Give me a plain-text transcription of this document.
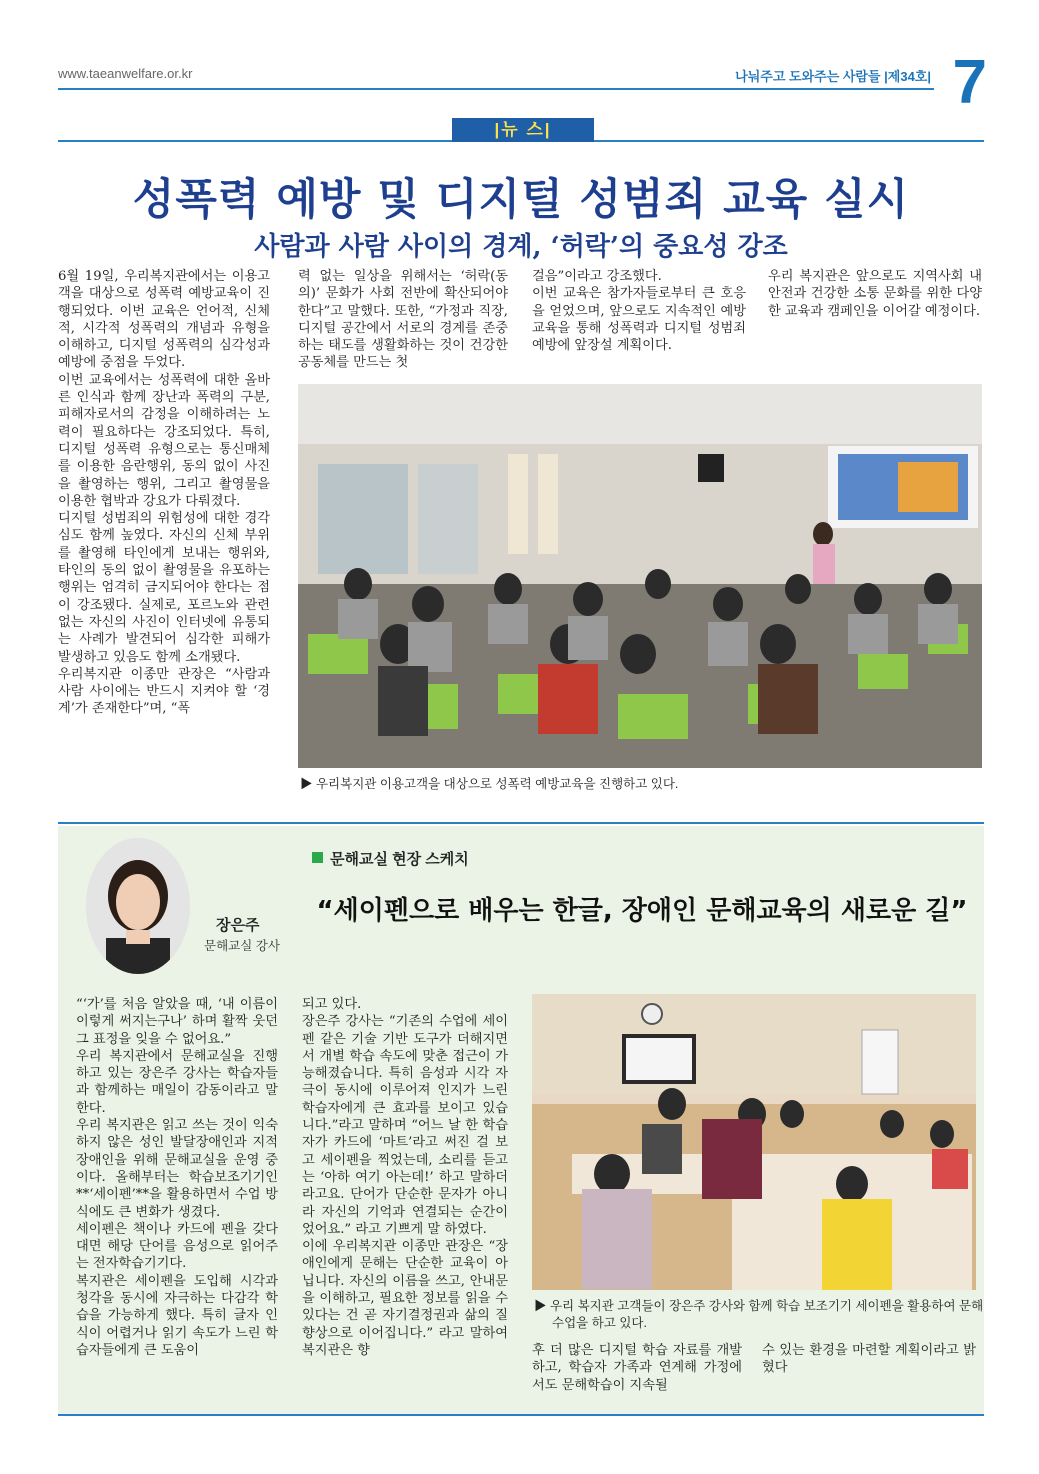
www.taeanwelfare.or.kr	나눠주고 도와주는 사람들 |제34호| 7
|뉴 스|
성폭력 예방 및 디지털 성범죄 교육 실시
사람과 사람 사이의 경계, ‘허락’의 중요성 강조
6월 19일, 우리복지관에서는 이용고객을 대상으로 성폭력 예방교육이 진행되었다. 이번 교육은 언어적, 신체적, 시각적 성폭력의 개념과 유형을 이해하고, 디지털 성폭력의 심각성과 예방에 중점을 두었다.
이번 교육에서는 성폭력에 대한 올바른 인식과 함께 장난과 폭력의 구분, 피해자로서의 감정을 이해하려는 노력이 필요하다는 강조되었다. 특히, 디지털 성폭력 유형으로는 통신매체를 이용한 음란행위, 동의 없이 사진을 촬영하는 행위, 그리고 촬영물을 이용한 협박과 강요가 다뤄졌다.
디지털 성범죄의 위험성에 대한 경각심도 함께 높였다. 자신의 신체 부위를 촬영해 타인에게 보내는 행위와, 타인의 동의 없이 촬영물을 유포하는 행위는 엄격히 금지되어야 한다는 점이 강조됐다. 실제로, 포르노와 관련 없는 자신의 사진이 인터넷에 유통되는 사례가 발견되어 심각한 피해가 발생하고 있음도 함께 소개됐다.
우리복지관 이종만 관장은 “사람과 사람 사이에는 반드시 지켜야 할 ‘경계’가 존재한다”며, “폭
력 없는 일상을 위해서는 ‘허락(동의)’ 문화가 사회 전반에 확산되어야 한다”고 말했다. 또한, “가정과 직장, 디지털 공간에서 서로의 경계를 존중하는 태도를 생활화하는 것이 건강한 공동체를 만드는 첫
걸음”이라고 강조했다.
이번 교육은 참가자들로부터 큰 호응을 얻었으며, 앞으로도 지속적인 예방교육을 통해 성폭력과 디지털 성범죄 예방에 앞장설 계획이다.
우리 복지관은 앞으로도 지역사회 내 안전과 건강한 소통 문화를 위한 다양한 교육과 캠페인을 이어갈 예정이다.
▶ 우리복지관 이용고객을 대상으로 성폭력 예방교육을 진행하고 있다.
장은주
문해교실 강사
문해교실 현장 스케치
“세이펜으로 배우는 한글, 장애인 문해교육의 새로운 길”
“‘가’를 처음 알았을 때, ‘내 이름이 이렇게 써지는구나’ 하며 활짝 웃던 그 표정을 잊을 수 없어요.”
우리 복지관에서 문해교실을 진행하고 있는 장은주 강사는 학습자들과 함께하는 매일이 감동이라고 말한다.
우리 복지관은 읽고 쓰는 것이 익숙하지 않은 성인 발달장애인과 지적장애인을 위해 문해교실을 운영 중이다. 올해부터는 학습보조기기인 **‘세이펜’**을 활용하면서 수업 방식에도 큰 변화가 생겼다.
세이펜은 책이나 카드에 펜을 갖다 대면 해당 단어를 음성으로 읽어주는 전자학습기기다.
복지관은 세이펜을 도입해 시각과 청각을 동시에 자극하는 다감각 학습을 가능하게 했다. 특히 글자 인식이 어렵거나 읽기 속도가 느린 학습자들에게 큰 도움이
되고 있다.
장은주 강사는 “기존의 수업에 세이펜 같은 기술 기반 도구가 더해지면서 개별 학습 속도에 맞춘 접근이 가능해졌습니다. 특히 음성과 시각 자극이 동시에 이루어져 인지가 느린 학습자에게 큰 효과를 보이고 있습니다.”라고 말하며 “어느 날 한 학습자가 카드에 ‘마트’라고 써진 걸 보고 세이펜을 찍었는데, 소리를 듣고는 ‘아하 여기 아는데!’ 하고 말하더라고요. 단어가 단순한 문자가 아니라 자신의 기억과 연결되는 순간이었어요.” 라고 기쁘게 말 하였다.
이에 우리복지관 이종만 관장은 “장애인에게 문해는 단순한 교육이 아닙니다. 자신의 이름을 쓰고, 안내문을 이해하고, 필요한 정보를 읽을 수 있다는 건 곧 자기결정권과 삶의 질 향상으로 이어집니다.” 라고 말하여 복지관은 향	후 더 많은 디지털 학습 자료를 개발하고, 학습자 가족과 연계해 가정에서도 문해학습이 지속될
수 있는 환경을 마련할 계획이라고 밝혔다
▶ 우리 복지관 고객들이 장은주 강사와 함께 학습 보조기기 세이펜을 활용하여 문해
수업을 하고 있다.
